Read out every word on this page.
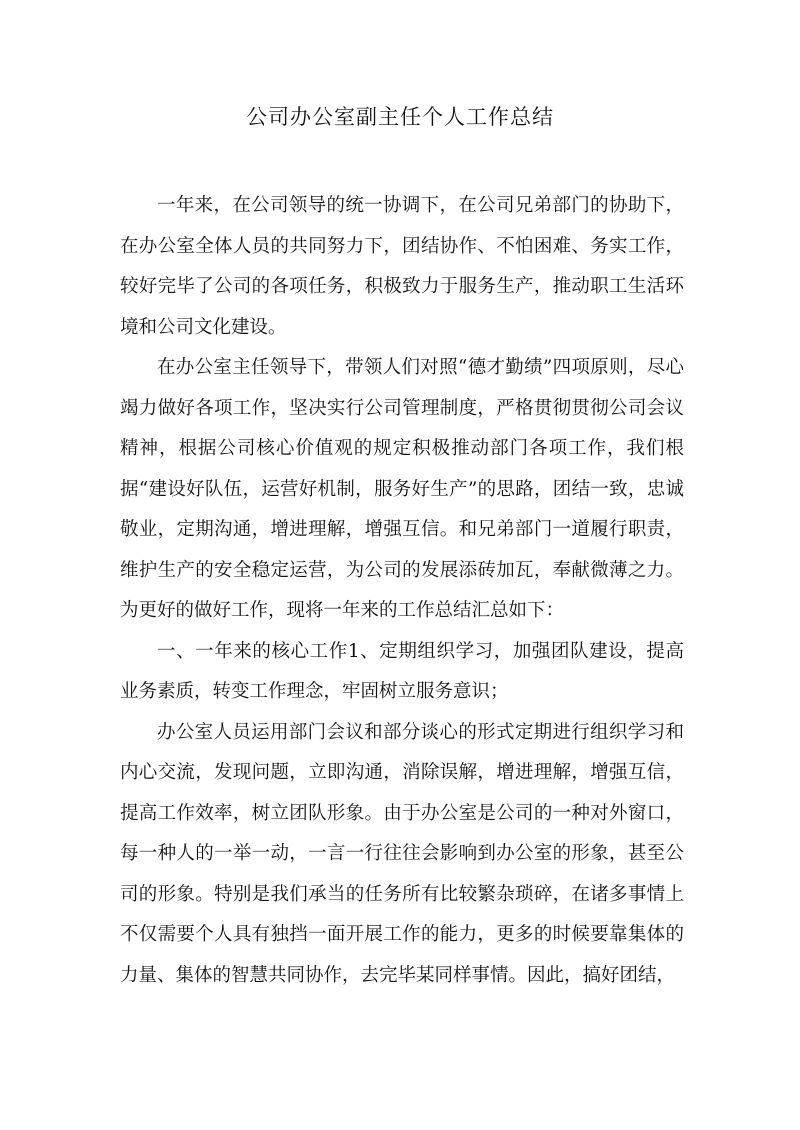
公司办公室副主任个人工作总结

一年来，在公司领导的统一协调下，在公司兄弟部门的协助下，在办公室全体人员的共同努力下，团结协作、不怕困难、务实工作，较好完毕了公司的各项任务，积极致力于服务生产，推动职工生活环境和公司文化建设。

在办公室主任领导下，带领人们对照“德才勤绩”四项原则，尽心竭力做好各项工作，坚决实行公司管理制度，严格贯彻贯彻公司会议精神，根据公司核心价值观的规定积极推动部门各项工作，我们根据“建设好队伍，运营好机制，服务好生产”的思路，团结一致，忠诚敬业，定期沟通，增进理解，增强互信。和兄弟部门一道履行职责，维护生产的安全稳定运营，为公司的发展添砖加瓦，奉献微薄之力。为更好的做好工作，现将一年来的工作总结汇总如下：

一、一年来的核心工作1、定期组织学习，加强团队建设，提高业务素质，转变工作理念，牢固树立服务意识；

办公室人员运用部门会议和部分谈心的形式定期进行组织学习和内心交流，发现问题，立即沟通，消除误解，增进理解，增强互信，提高工作效率，树立团队形象。由于办公室是公司的一种对外窗口，每一种人的一举一动，一言一行往往会影响到办公室的形象，甚至公司的形象。特别是我们承当的任务所有比较繁杂琐碎，在诸多事情上不仅需要个人具有独挡一面开展工作的能力，更多的时候要靠集体的力量、集体的智慧共同协作，去完毕某同样事情。因此，搞好团结，
